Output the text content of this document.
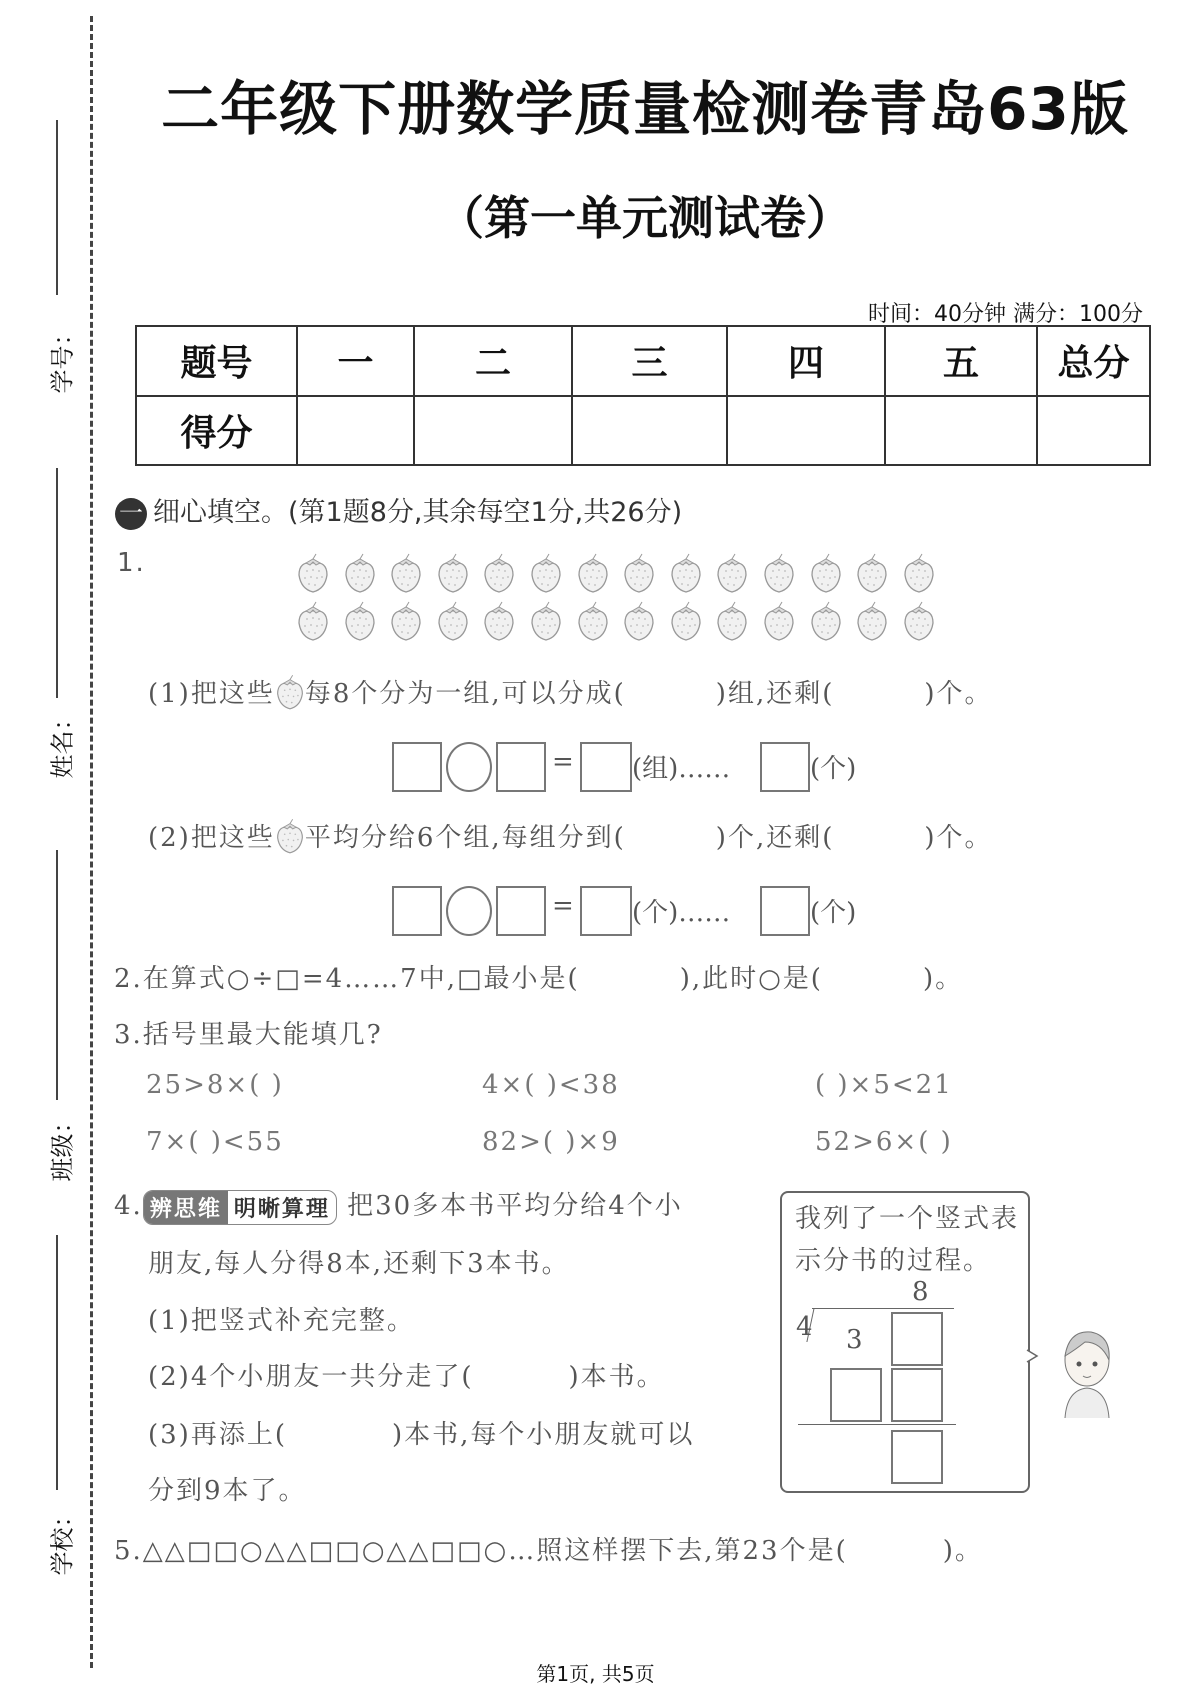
学号：
姓名：
班级：
学校：
二年级下册数学质量检测卷青岛63版
（第一单元测试卷）
时间：40分钟 满分：100分
题号	一	二	三	四	五	总分
得分						
一 细心填空。(第1题8分,其余每空1分,共26分)
1.
(1)把这些 每8个分为一组,可以分成(	)组,还剩(	)个。
= (组)……	(个)
(2)把这些 平均分给6个组,每组分到(	)个,还剩(	)个。
= (个)……	(个)
2.在算式○÷□=4……7中,□最小是(	),此时○是(	)。
3.括号里最大能填几?
25>8×( )	4×( )<38	( )×5<21
7×( )<55	82>( )×9	52>6×( )
4. 辨思维 明晰算理 把30多本书平均分给4个小
朋友,每人分得8本,还剩下3本书。
(1)把竖式补充完整。
(2)4个小朋友一共分走了(	)本书。
(3)再添上(	)本书,每个小朋友就可以
分到9本了。
我列了一个竖式表
示分书的过程。
8
4 3
5.△△□□○△△□□○△△□□○…照这样摆下去,第23个是(	)。
第1页, 共5页
